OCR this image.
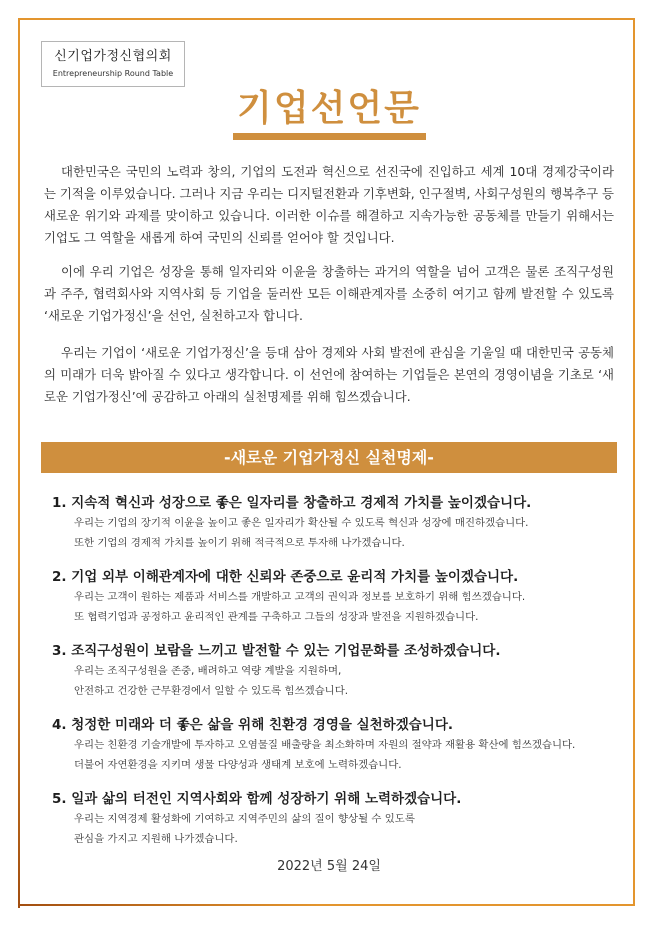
신기업가정신협의회
Entrepreneurship Round Table
기업선언문

대한민국은 국민의 노력과 창의, 기업의 도전과 혁신으로 선진국에 진입하고 세계 10대 경제강국이라는 기적을 이루었습니다. 그러나 지금 우리는 디지털전환과 기후변화, 인구절벽, 사회구성원의 행복추구 등 새로운 위기와 과제를 맞이하고 있습니다. 이러한 이슈를 해결하고 지속가능한 공동체를 만들기 위해서는 기업도 그 역할을 새롭게 하여 국민의 신뢰를 얻어야 할 것입니다.

이에 우리 기업은 성장을 통해 일자리와 이윤을 창출하는 과거의 역할을 넘어 고객은 물론 조직구성원과 주주, 협력회사와 지역사회 등 기업을 둘러싼 모든 이해관계자를 소중히 여기고 함께 발전할 수 있도록 ‘새로운 기업가정신’을 선언, 실천하고자 합니다.

우리는 기업이 ‘새로운 기업가정신’을 등대 삼아 경제와 사회 발전에 관심을 기울일 때 대한민국 공동체의 미래가 더욱 밝아질 수 있다고 생각합니다. 이 선언에 참여하는 기업들은 본연의 경영이념을 기초로 ‘새로운 기업가정신’에 공감하고 아래의 실천명제를 위해 힘쓰겠습니다.

-새로운 기업가정신 실천명제-
1. 지속적 혁신과 성장으로 좋은 일자리를 창출하고 경제적 가치를 높이겠습니다.
우리는 기업의 장기적 이윤을 높이고 좋은 일자리가 확산될 수 있도록 혁신과 성장에 매진하겠습니다.
또한 기업의 경제적 가치를 높이기 위해 적극적으로 투자해 나가겠습니다.
2. 기업 외부 이해관계자에 대한 신뢰와 존중으로 윤리적 가치를 높이겠습니다.
우리는 고객이 원하는 제품과 서비스를 개발하고 고객의 권익과 정보를 보호하기 위해 힘쓰겠습니다.
또 협력기업과 공정하고 윤리적인 관계를 구축하고 그들의 성장과 발전을 지원하겠습니다.
3. 조직구성원이 보람을 느끼고 발전할 수 있는 기업문화를 조성하겠습니다.
우리는 조직구성원을 존중, 배려하고 역량 계발을 지원하며,
안전하고 건강한 근무환경에서 일할 수 있도록 힘쓰겠습니다.
4. 청정한 미래와 더 좋은 삶을 위해 친환경 경영을 실천하겠습니다.
우리는 친환경 기술개발에 투자하고 오염물질 배출량을 최소화하며 자원의 절약과 재활용 확산에 힘쓰겠습니다.
더불어 자연환경을 지키며 생물 다양성과 생태계 보호에 노력하겠습니다.
5. 일과 삶의 터전인 지역사회와 함께 성장하기 위해 노력하겠습니다.
우리는 지역경제 활성화에 기여하고 지역주민의 삶의 질이 향상될 수 있도록
관심을 가지고 지원해 나가겠습니다.
2022년 5월 24일
